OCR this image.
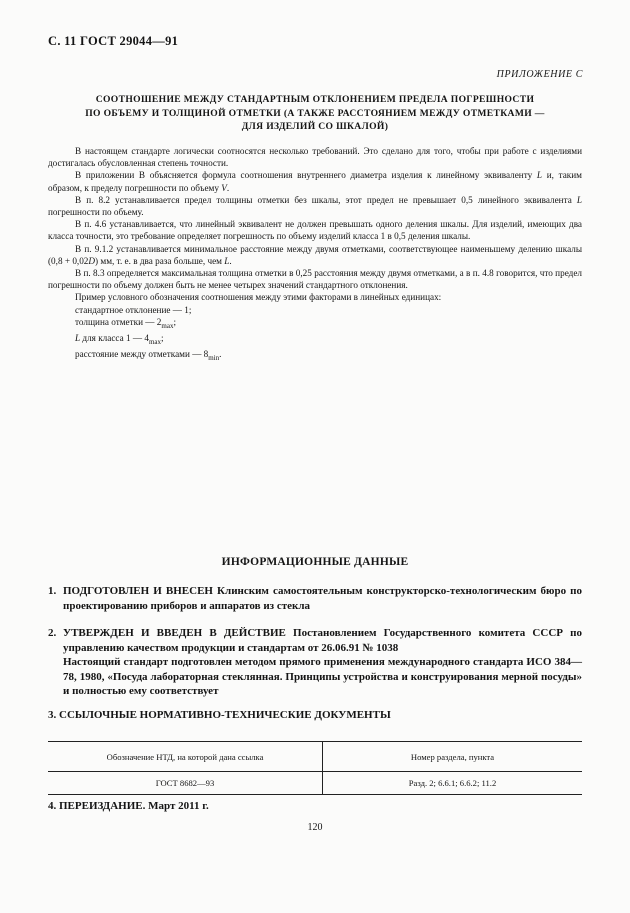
С. 11 ГОСТ 29044—91
ПРИЛОЖЕНИЕ С
СООТНОШЕНИЕ МЕЖДУ СТАНДАРТНЫМ ОТКЛОНЕНИЕМ ПРЕДЕЛА ПОГРЕШНОСТИ
ПО ОБЪЕМУ И ТОЛЩИНОЙ ОТМЕТКИ (А ТАКЖЕ РАССТОЯНИЕМ МЕЖДУ ОТМЕТКАМИ —
ДЛЯ ИЗДЕЛИЙ СО ШКАЛОЙ)

В настоящем стандарте логически соотносятся несколько требований. Это сделано для того, чтобы при работе с изделиями достигалась обусловленная степень точности.

В приложении В объясняется формула соотношения внутреннего диаметра изделия к линейному эквиваленту L и, таким образом, к пределу погрешности по объему V.

В п. 8.2 устанавливается предел толщины отметки без шкалы, этот предел не превышает 0,5 линейного эквивалента L погрешности по объему.

В п. 4.6 устанавливается, что линейный эквивалент не должен превышать одного деления шкалы. Для изделий, имеющих два класса точности, это требование определяет погрешность по объему изделий класса 1 в 0,5 деления шкалы.

В п. 9.1.2 устанавливается минимальное расстояние между двумя отметками, соответствующее наименьшему делению шкалы (0,8 + 0,02D) мм, т. е. в два раза больше, чем L.

В п. 8.3 определяется максимальная толщина отметки в 0,25 расстояния между двумя отметками, а в п. 4.8 говорится, что предел погрешности по объему должен быть не менее четырех значений стандартного отклонения.

Пример условного обозначения соотношения между этими факторами в линейных единицах:

стандартное отклонение — 1;

толщина отметки — $2_{max}$;

L для класса 1 — $4_{max}$;

расстояние между отметками — $8_{min}$.

ИНФОРМАЦИОННЫЕ ДАННЫЕ
1. ПОДГОТОВЛЕН И ВНЕСЕН Клинским самостоятельным конструкторско-технологическим бюро по проектированию приборов и аппаратов из стекла
2. УТВЕРЖДЕН И ВВЕДЕН В ДЕЙСТВИЕ Постановлением Государственного комитета СССР по управлению качеством продукции и стандартам от 26.06.91 № 1038
Настоящий стандарт подготовлен методом прямого применения международного стандарта ИСО 384—78, 1980, «Посуда лабораторная стеклянная. Принципы устройства и конструирования мерной посуды» и полностью ему соответствует
3. ССЫЛОЧНЫЕ НОРМАТИВНО-ТЕХНИЧЕСКИЕ ДОКУМЕНТЫ
Обозначение НТД, на которой дана ссылка	Номер раздела, пункта
ГОСТ 8682—93	Разд. 2; 6.6.1; 6.6.2; 11.2
4. ПЕРЕИЗДАНИЕ. Март 2011 г.
120
